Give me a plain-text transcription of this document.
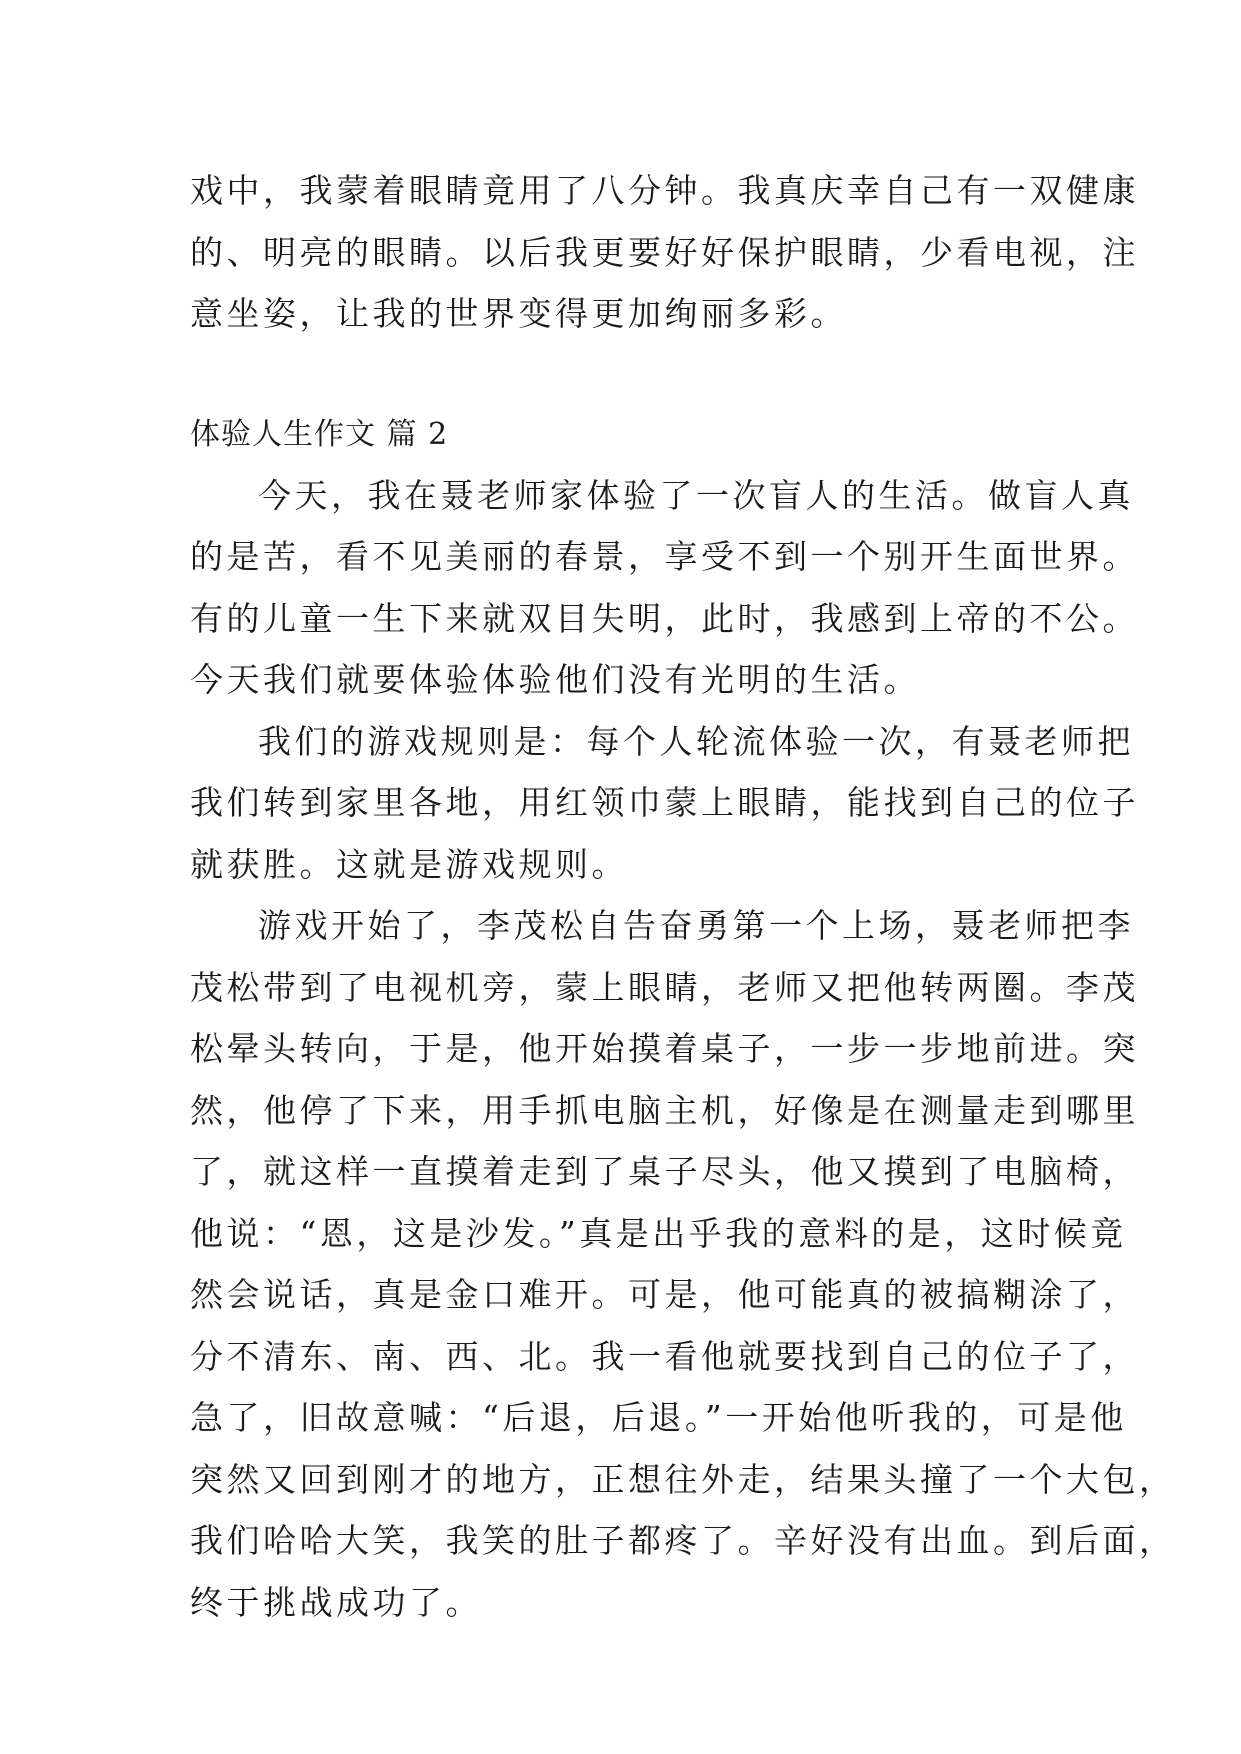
戏中，我蒙着眼睛竟用了八分钟。我真庆幸自己有一双健康
的、明亮的眼睛。以后我更要好好保护眼睛，少看电视，注
意坐姿，让我的世界变得更加绚丽多彩。
体验人生作文 篇 2
今天，我在聂老师家体验了一次盲人的生活。做盲人真
的是苦，看不见美丽的春景，享受不到一个别开生面世界。
有的儿童一生下来就双目失明，此时，我感到上帝的不公。
今天我们就要体验体验他们没有光明的生活。
我们的游戏规则是：每个人轮流体验一次，有聂老师把
我们转到家里各地，用红领巾蒙上眼睛，能找到自己的位子
就获胜。这就是游戏规则。
游戏开始了，李茂松自告奋勇第一个上场，聂老师把李
茂松带到了电视机旁，蒙上眼睛，老师又把他转两圈。李茂
松晕头转向，于是，他开始摸着桌子，一步一步地前进。突
然，他停了下来，用手抓电脑主机，好像是在测量走到哪里
了，就这样一直摸着走到了桌子尽头，他又摸到了电脑椅，
他说：“恩，这是沙发。”真是出乎我的意料的是，这时候竟
然会说话，真是金口难开。可是，他可能真的被搞糊涂了，
分不清东、南、西、北。我一看他就要找到自己的位子了，
急了，旧故意喊：“后退，后退。”一开始他听我的，可是他
突然又回到刚才的地方，正想往外走，结果头撞了一个大包，
我们哈哈大笑，我笑的肚子都疼了。辛好没有出血。到后面，
终于挑战成功了。
